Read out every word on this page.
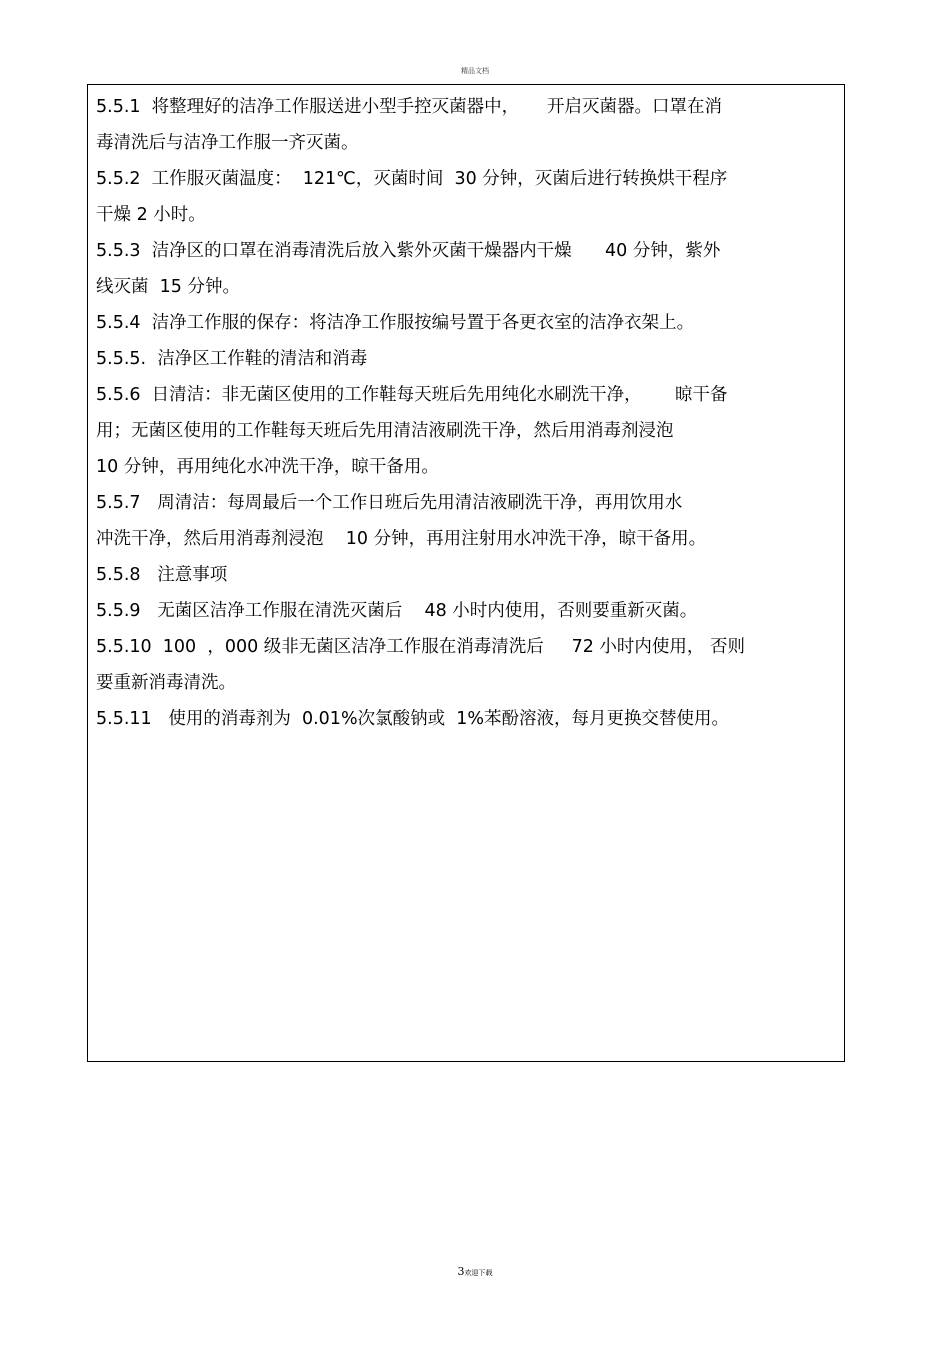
精品文档
5.5.1  将整理好的洁净工作服送进小型手控灭菌器中，     开启灭菌器。口罩在消
毒清洗后与洁净工作服一齐灭菌。
5.5.2  工作服灭菌温度：  121℃，灭菌时间  30 分钟，灭菌后进行转换烘干程序
干燥 2 小时。
5.5.3  洁净区的口罩在消毒清洗后放入紫外灭菌干燥器内干燥      40 分钟，紫外
线灭菌  15 分钟。
5.5.4  洁净工作服的保存：将洁净工作服按编号置于各更衣室的洁净衣架上。
5.5.5.  洁净区工作鞋的清洁和消毒
5.5.6  日清洁：非无菌区使用的工作鞋每天班后先用纯化水刷洗干净，      晾干备
用；无菌区使用的工作鞋每天班后先用清洁液刷洗干净，然后用消毒剂浸泡
10 分钟，再用纯化水冲洗干净，晾干备用。
5.5.7   周清洁：每周最后一个工作日班后先用清洁液刷洗干净，再用饮用水
冲洗干净，然后用消毒剂浸泡    10 分钟，再用注射用水冲洗干净，晾干备用。
5.5.8   注意事项
5.5.9   无菌区洁净工作服在清洗灭菌后    48 小时内使用，否则要重新灭菌。
5.5.10  100  ，000 级非无菌区洁净工作服在消毒清洗后     72 小时内使用， 否则
要重新消毒清洗。
5.5.11   使用的消毒剂为  0.01%次氯酸钠或  1%苯酚溶液，每月更换交替使用。
3欢迎下载
